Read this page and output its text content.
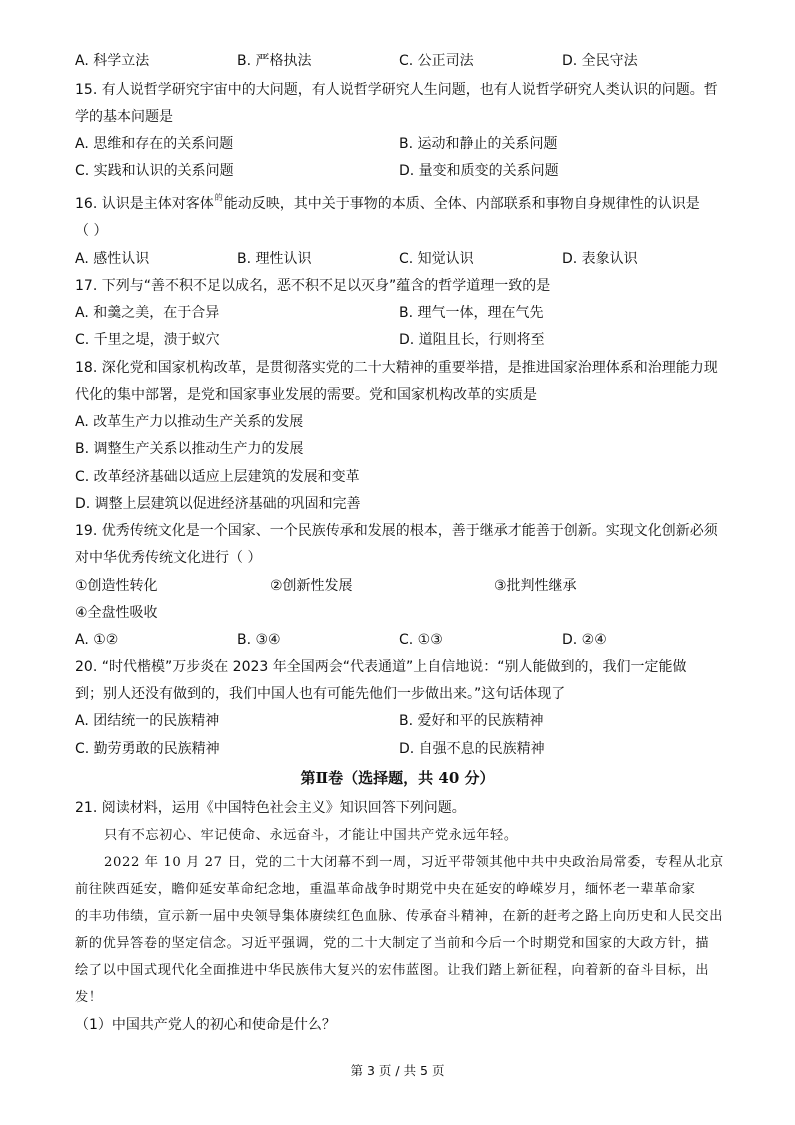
A. 科学立法	B. 严格执法	C. 公正司法	D. 全民守法
15. 有人说哲学研究宇宙中的大问题，有人说哲学研究人生问题，也有人说哲学研究人类认识的问题。哲
学的基本问题是
A. 思维和存在的关系问题	B. 运动和静止的关系问题
C. 实践和认识的关系问题	D. 量变和质变的关系问题
16. 认识是主体对客体$^的$能动反映，其中关于事物的本质、全体、内部联系和事物自身规律性的认识是
（ ）
A. 感性认识	B. 理性认识	C. 知觉认识	D. 表象认识
17. 下列与“善不积不足以成名，恶不积不足以灭身”蕴含的哲学道理一致的是
A. 和羹之美，在于合异	B. 理气一体，理在气先
C. 千里之堤，溃于蚁穴	D. 道阻且长，行则将至
18. 深化党和国家机构改革，是贯彻落实党的二十大精神的重要举措，是推进国家治理体系和治理能力现
代化的集中部署，是党和国家事业发展的需要。党和国家机构改革的实质是
A. 改革生产力以推动生产关系的发展
B. 调整生产关系以推动生产力的发展
C. 改革经济基础以适应上层建筑的发展和变革
D. 调整上层建筑以促进经济基础的巩固和完善
19. 优秀传统文化是一个国家、一个民族传承和发展的根本，善于继承才能善于创新。实现文化创新必须
对中华优秀传统文化进行（ ）
①创造性转化	②创新性发展	③批判性继承
④全盘性吸收
A. ①②	B. ③④	C. ①③	D. ②④
20. “时代楷模”万步炎在 2023 年全国两会“代表通道”上自信地说：“别人能做到的，我们一定能做
到；别人还没有做到的，我们中国人也有可能先他们一步做出来。”这句话体现了
A. 团结统一的民族精神	B. 爱好和平的民族精神
C. 勤劳勇敢的民族精神	D. 自强不息的民族精神
第Ⅱ卷（选择题，共 40 分）
21. 阅读材料，运用《中国特色社会主义》知识回答下列问题。
只有不忘初心、牢记使命、永远奋斗，才能让中国共产党永远年轻。
2022 年 10 月 27 日，党的二十大闭幕不到一周，习近平带领其他中共中央政治局常委，专程从北京
前往陕西延安，瞻仰延安革命纪念地，重温革命战争时期党中央在延安的峥嵘岁月，缅怀老一辈革命家
的丰功伟绩，宣示新一届中央领导集体赓续红色血脉、传承奋斗精神，在新的赶考之路上向历史和人民交出
新的优异答卷的坚定信念。习近平强调，党的二十大制定了当前和今后一个时期党和国家的大政方针，描
绘了以中国式现代化全面推进中华民族伟大复兴的宏伟蓝图。让我们踏上新征程，向着新的奋斗目标，出
发！
（1）中国共产党人的初心和使命是什么？
第 3 页 / 共 5 页
